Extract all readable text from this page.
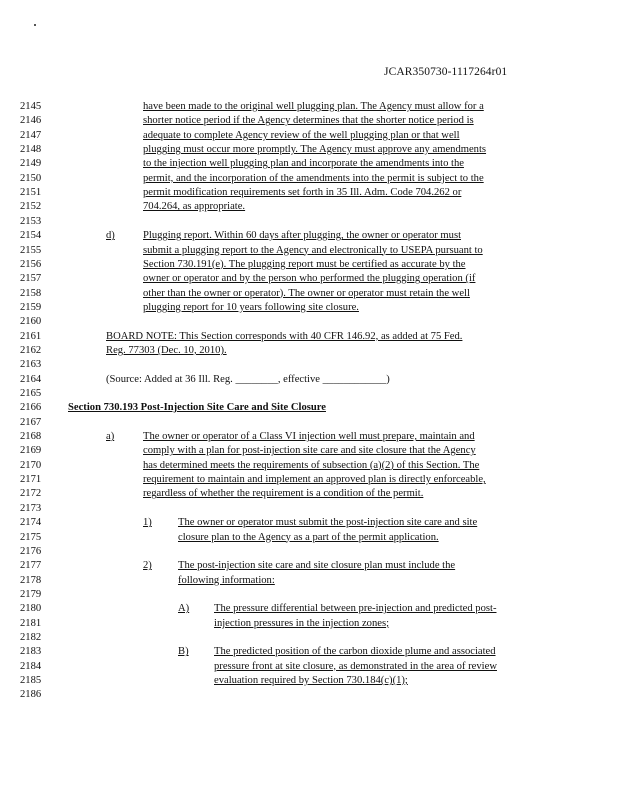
JCAR350730-1117264r01
2145	have been made to the original well plugging plan. The Agency must allow for a
2146	shorter notice period if the Agency determines that the shorter notice period is
2147	adequate to complete Agency review of the well plugging plan or that well
2148	plugging must occur more promptly. The Agency must approve any amendments
2149	to the injection well plugging plan and incorporate the amendments into the
2150	permit, and the incorporation of the amendments into the permit is subject to the
2151	permit modification requirements set forth in 35 Ill. Adm. Code 704.262 or
2152	704.264, as appropriate.
2153
2154	d)	Plugging report. Within 60 days after plugging, the owner or operator must
2155	submit a plugging report to the Agency and electronically to USEPA pursuant to
2156	Section 730.191(e). The plugging report must be certified as accurate by the
2157	owner or operator and by the person who performed the plugging operation (if
2158	other than the owner or operator). The owner or operator must retain the well
2159	plugging report for 10 years following site closure.
2160
2161	BOARD NOTE: This Section corresponds with 40 CFR 146.92, as added at 75 Fed.
2162	Reg. 77303 (Dec. 10, 2010).
2163
2164	(Source: Added at 36 Ill. Reg. ________, effective ____________)
2165
2166	Section 730.193 Post-Injection Site Care and Site Closure
2167
2168	a)	The owner or operator of a Class VI injection well must prepare, maintain and
2169	comply with a plan for post-injection site care and site closure that the Agency
2170	has determined meets the requirements of subsection (a)(2) of this Section. The
2171	requirement to maintain and implement an approved plan is directly enforceable,
2172	regardless of whether the requirement is a condition of the permit.
2173
2174	1) The owner or operator must submit the post-injection site care and site
2175	closure plan to the Agency as a part of the permit application.
2176
2177	2) The post-injection site care and site closure plan must include the
2178	following information:
2179
2180	A) The pressure differential between pre-injection and predicted post-
2181	injection pressures in the injection zones;
2182
2183	B) The predicted position of the carbon dioxide plume and associated
2184	pressure front at site closure, as demonstrated in the area of review
2185	evaluation required by Section 730.184(c)(1);
2186
